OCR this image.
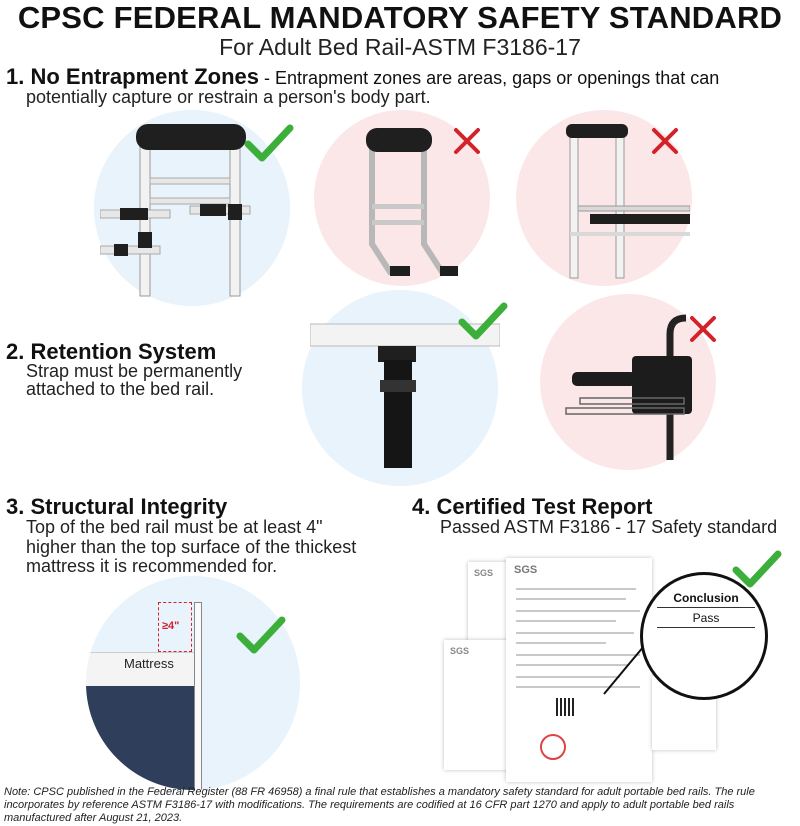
CPSC FEDERAL MANDATORY SAFETY STANDARD
For Adult Bed Rail-ASTM F3186-17
1. No Entrapment Zones - Entrapment zones are areas, gaps or openings that can
potentially capture or restrain a person's body part.
2. Retention System
Strap must be permanently
attached to the bed rail.
3. Structural Integrity
Top of the bed rail must be at least 4"
higher than the top surface of the thickest
mattress it is recommended for.
Mattress
≥4"
4. Certified Test Report
Passed ASTM F3186 - 17 Safety standard
SGS
SGS
SGS
Conclusion
Pass
Note: CPSC published in the Federal Register (88 FR 46958) a final rule that establishes a mandatory safety standard for adult portable bed rails. The rule
incorporates by reference ASTM F3186-17 with modifications. The requirements are codified at 16 CFR part 1270 and apply to adult portable bed rails
manufactured after August 21, 2023.
